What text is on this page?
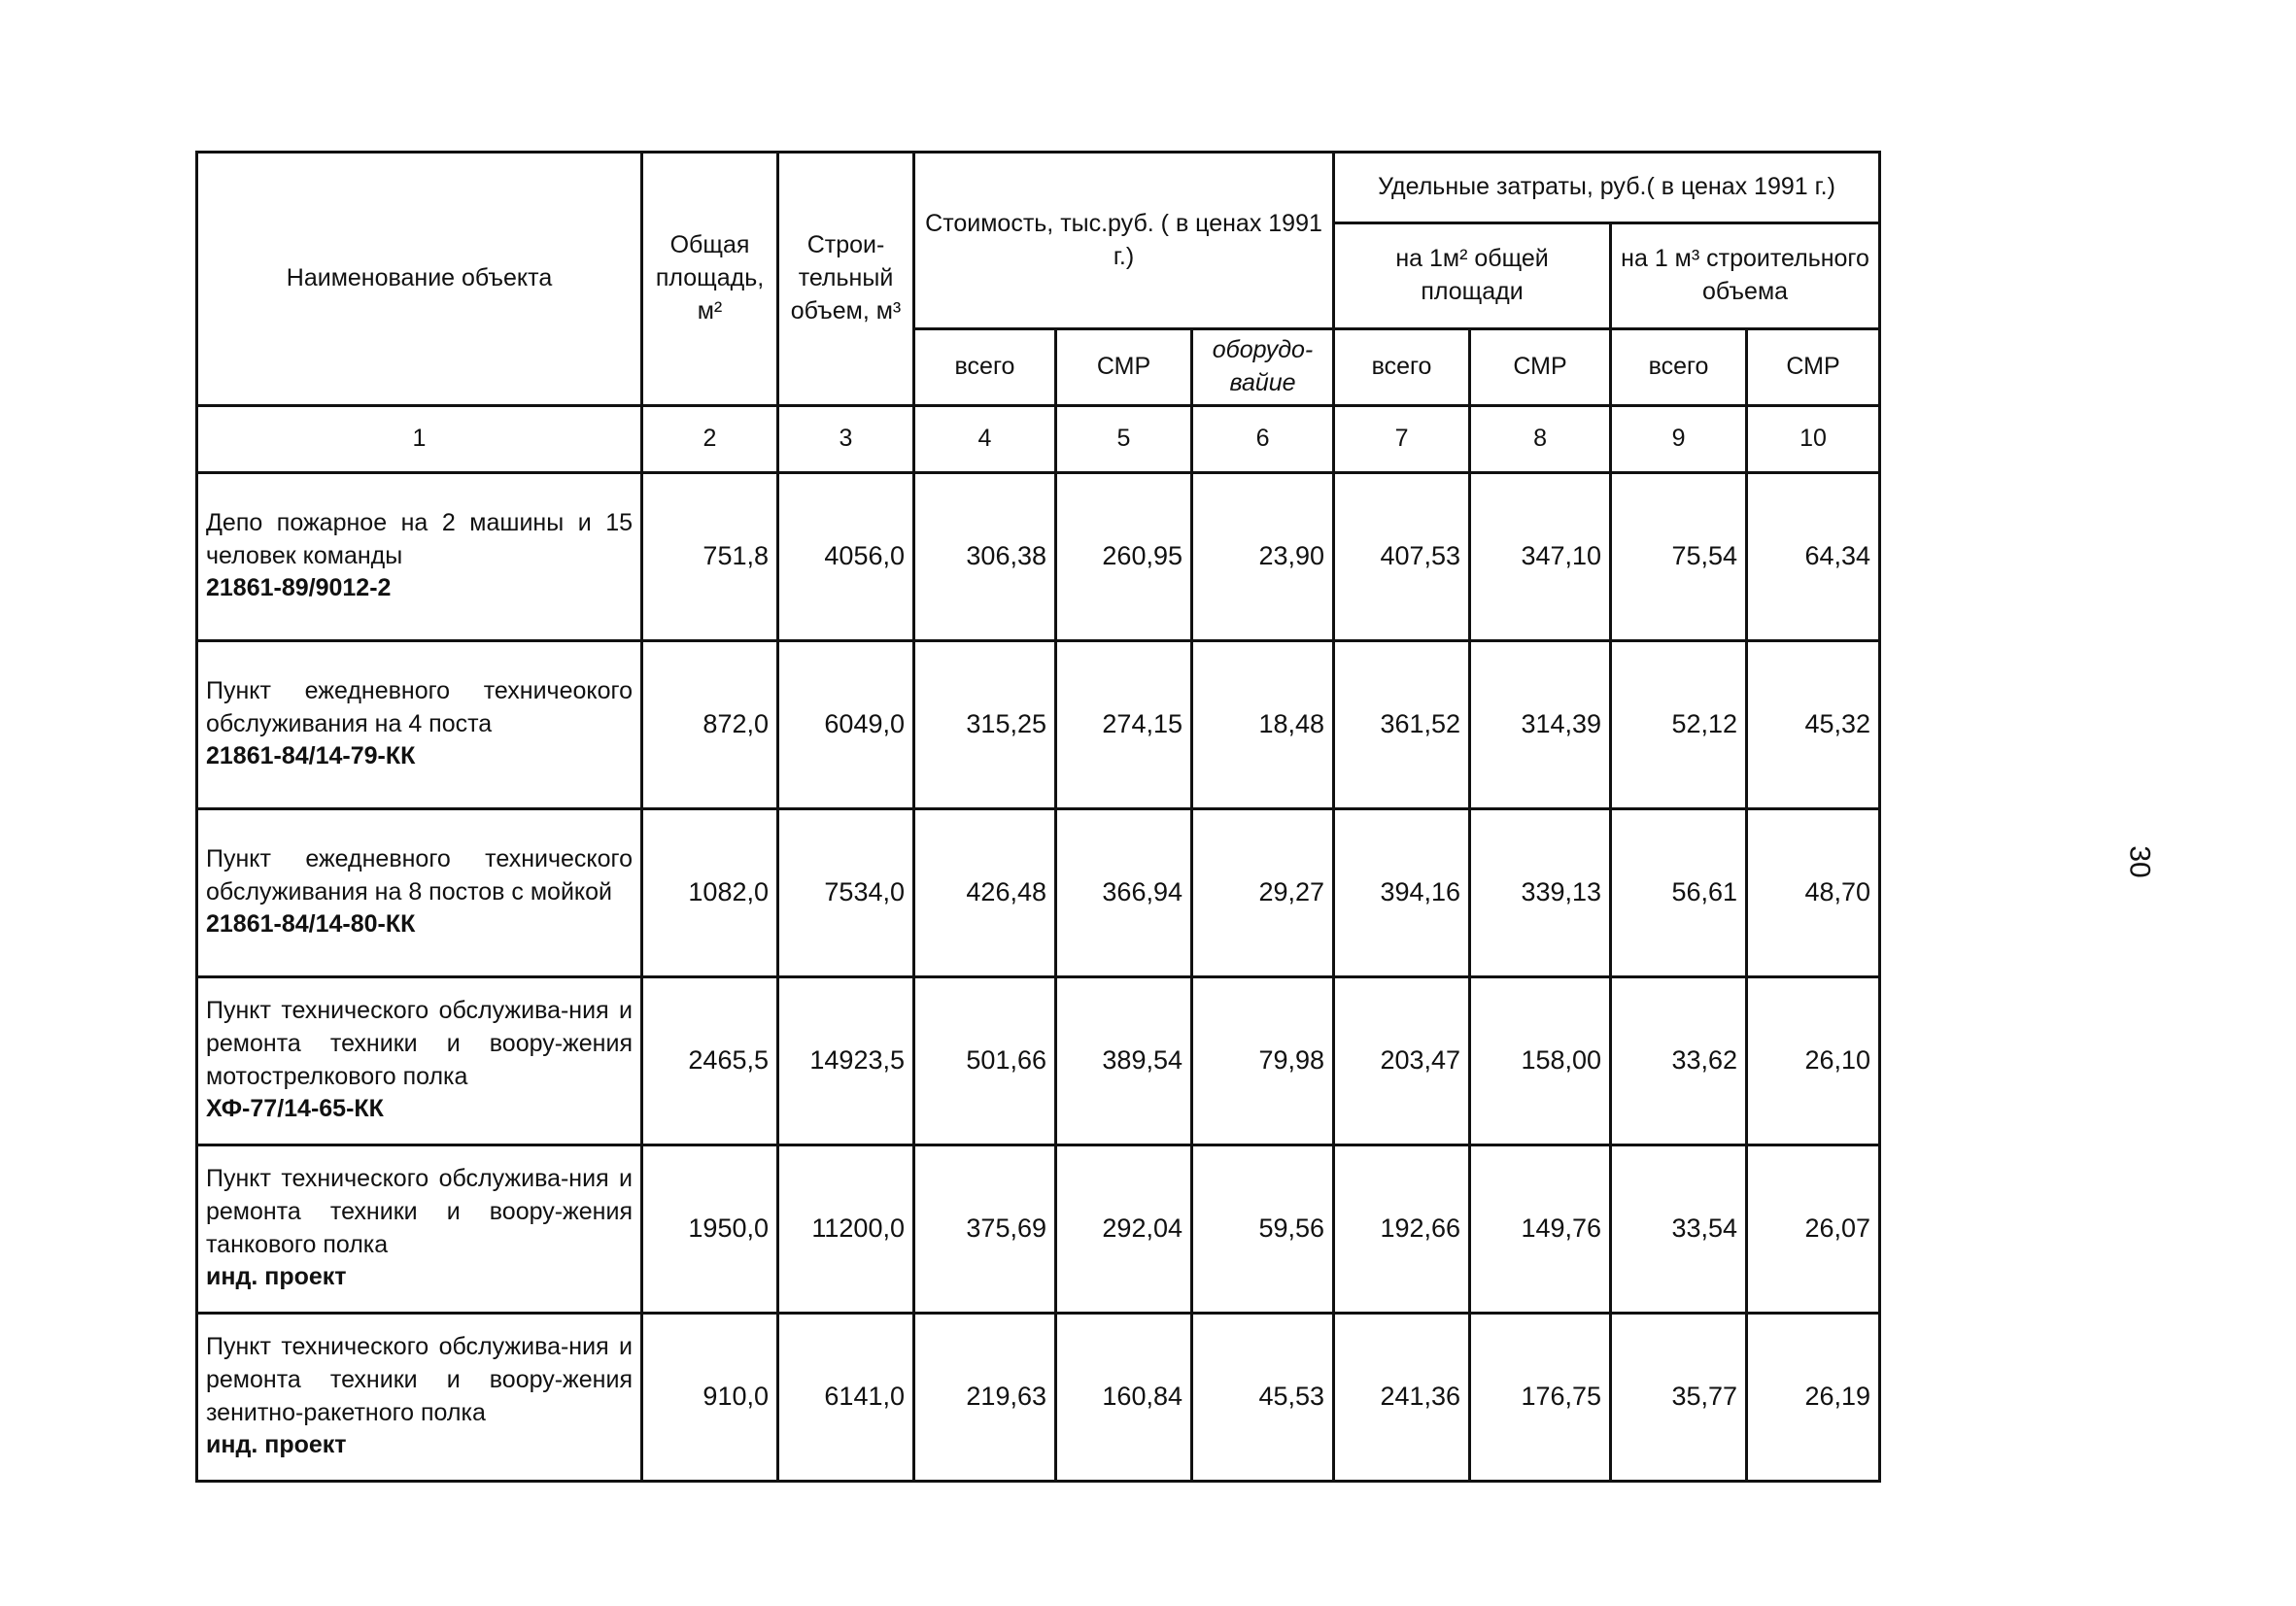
Наименование объекта	Общая площадь, м²	Строи-тельный объем, м³	Стоимость, тыс.руб. ( в ценах 1991 г.)			Удельные затраты, руб.( в ценах 1991 г.)			
						на 1м² общей площади		на 1 м³ строительного объема	
			всего	СМР	оборудо-вайие	всего	СМР	всего	СМР
1	2	3	4	5	6	7	8	9	10

Депо пожарное на 2 машины и 15 человек команды
21861-89/9012-2	751,8	4056,0	306,38	260,95	23,90	407,53	347,10	75,54	64,34

Пункт ежедневного техничеокого обслуживания на 4 поста
21861-84/14-79-КК	872,0	6049,0	315,25	274,15	18,48	361,52	314,39	52,12	45,32

Пункт ежедневного технического обслуживания на 8 постов с мойкой
21861-84/14-80-КК	1082,0	7534,0	426,48	366,94	29,27	394,16	339,13	56,61	48,70

Пункт технического обслужива-ния и ремонта техники и воору-жения мотострелкового полка
ХФ-77/14-65-КК	2465,5	14923,5	501,66	389,54	79,98	203,47	158,00	33,62	26,10

Пункт технического обслужива-ния и ремонта техники и воору-жения танкового полка
инд. проект	1950,0	11200,0	375,69	292,04	59,56	192,66	149,76	33,54	26,07

Пункт технического обслужива-ния и ремонта техники и воору-жения зенитно-ракетного полка
инд. проект	910,0	6141,0	219,63	160,84	45,53	241,36	176,75	35,77	26,19
30
